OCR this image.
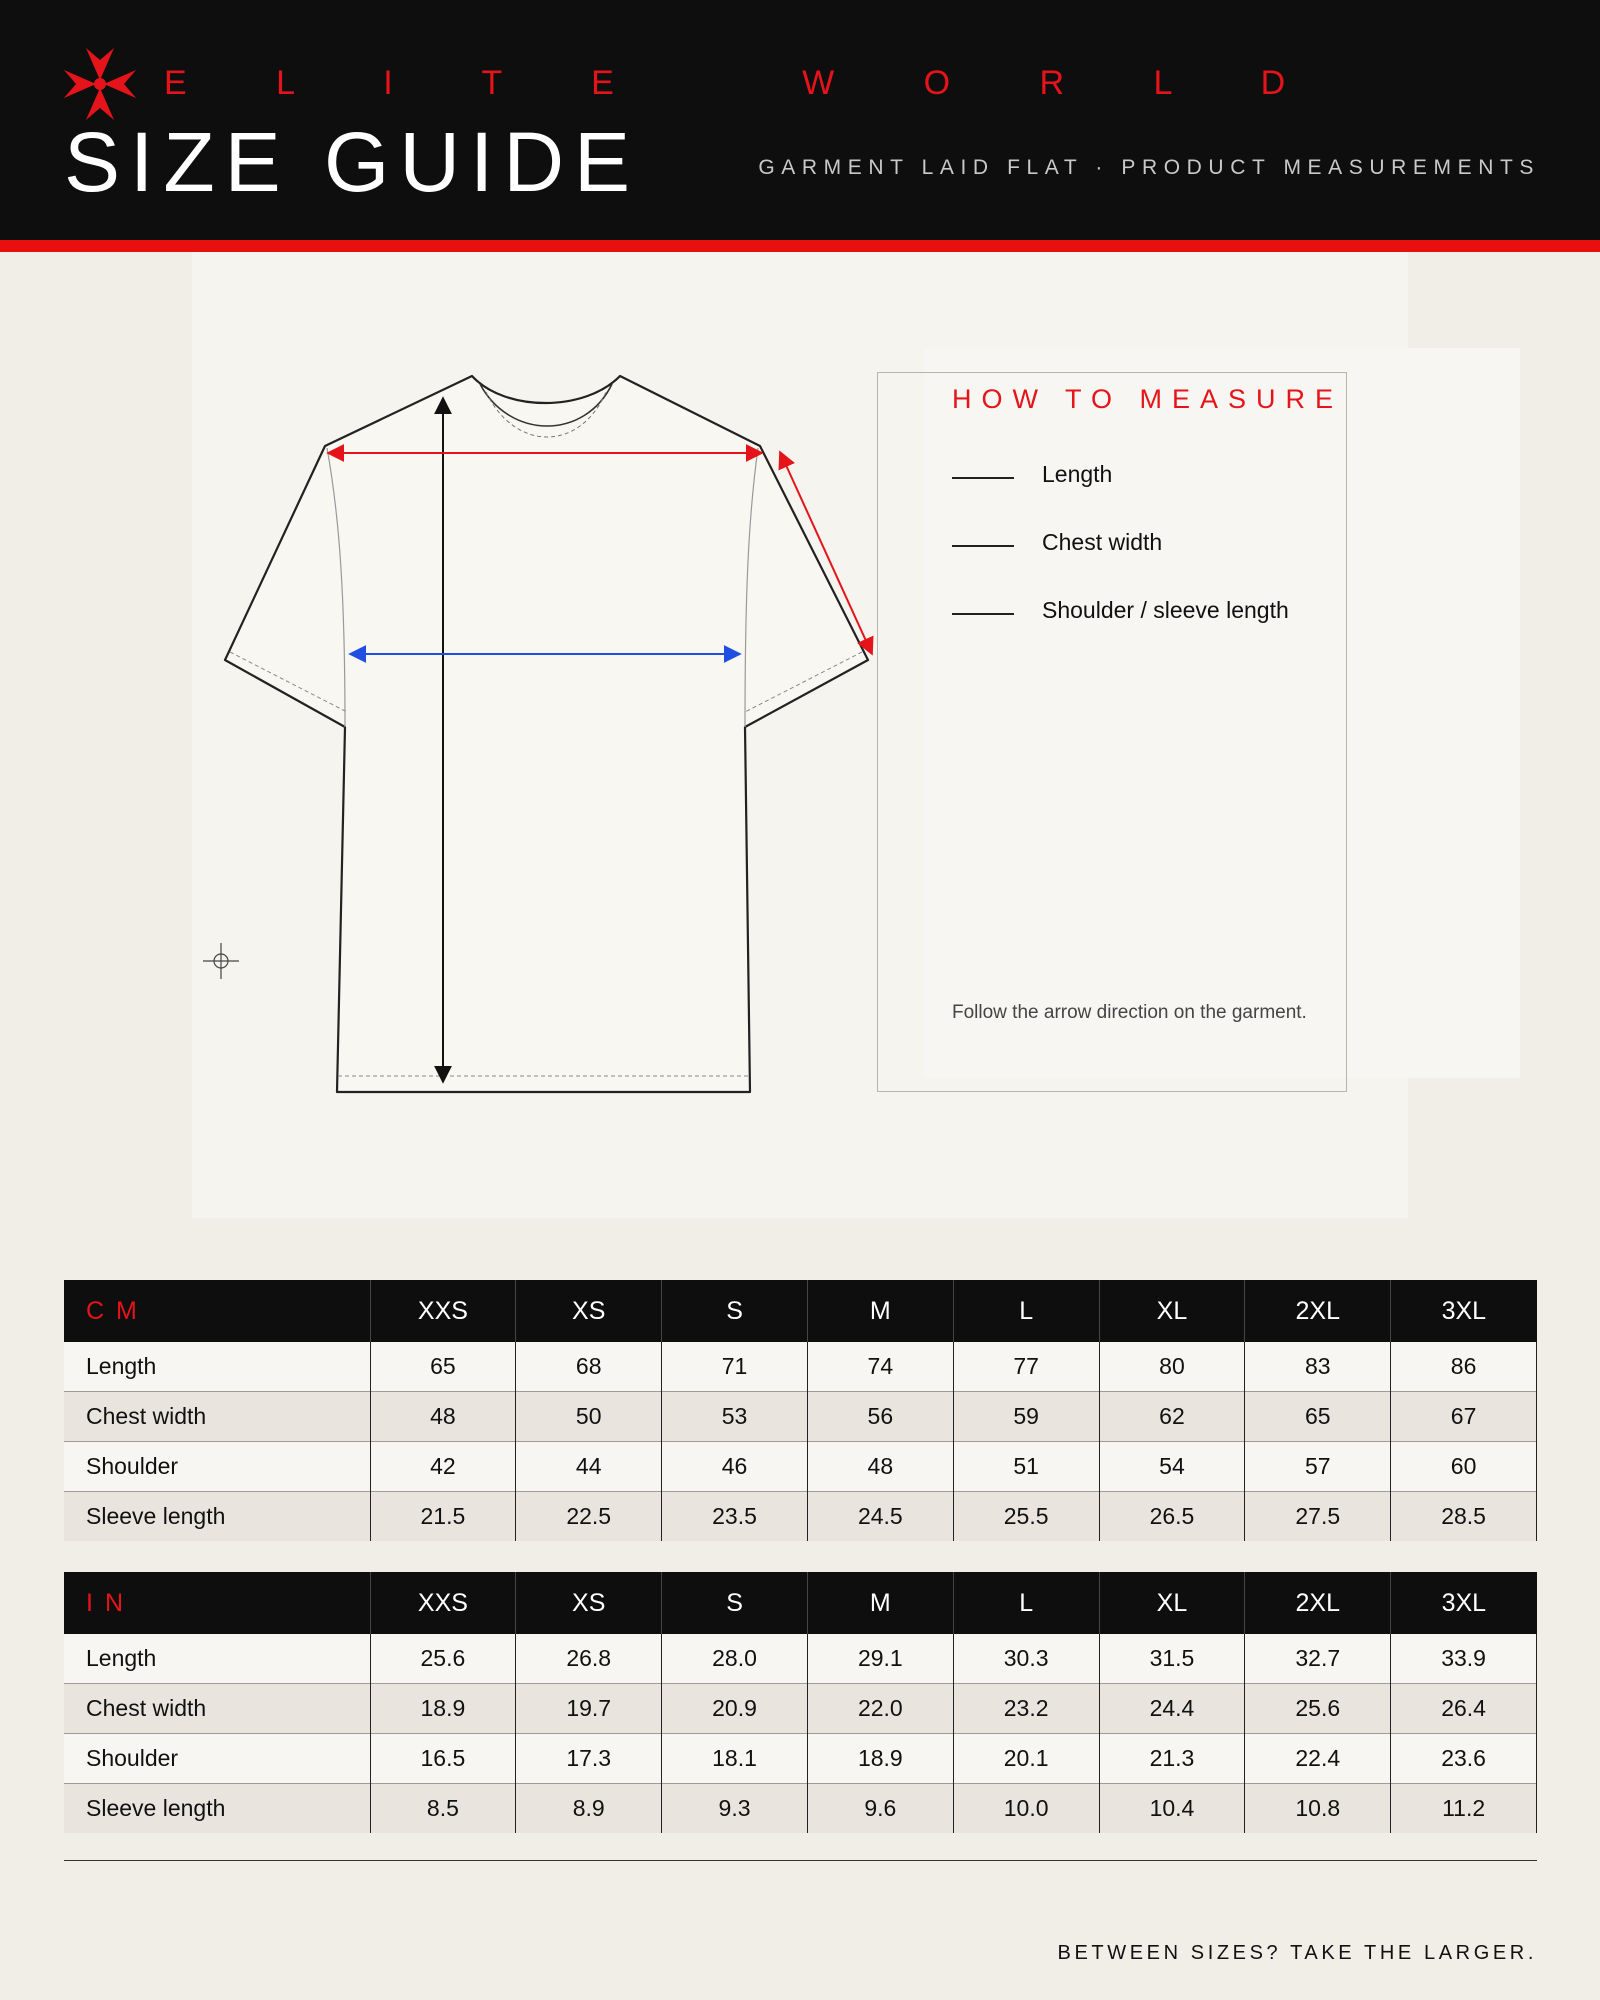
E L I T E   W O R L D
SIZE GUIDE	GARMENT LAID FLAT · PRODUCT MEASUREMENTS
HOW TO MEASURE
Length
Chest width
Shoulder / sleeve length
Follow the arrow direction on the garment.
CM	XXS	XS	S	M	L	XL	2XL	3XL
Length	65	68	71	74	77	80	83	86
Chest width	48	50	53	56	59	62	65	67
Shoulder	42	44	46	48	51	54	57	60
Sleeve length	21.5	22.5	23.5	24.5	25.5	26.5	27.5	28.5
IN	XXS	XS	S	M	L	XL	2XL	3XL
Length	25.6	26.8	28.0	29.1	30.3	31.5	32.7	33.9
Chest width	18.9	19.7	20.9	22.0	23.2	24.4	25.6	26.4
Shoulder	16.5	17.3	18.1	18.9	20.1	21.3	22.4	23.6
Sleeve length	8.5	8.9	9.3	9.6	10.0	10.4	10.8	11.2
BETWEEN SIZES? TAKE THE LARGER.
